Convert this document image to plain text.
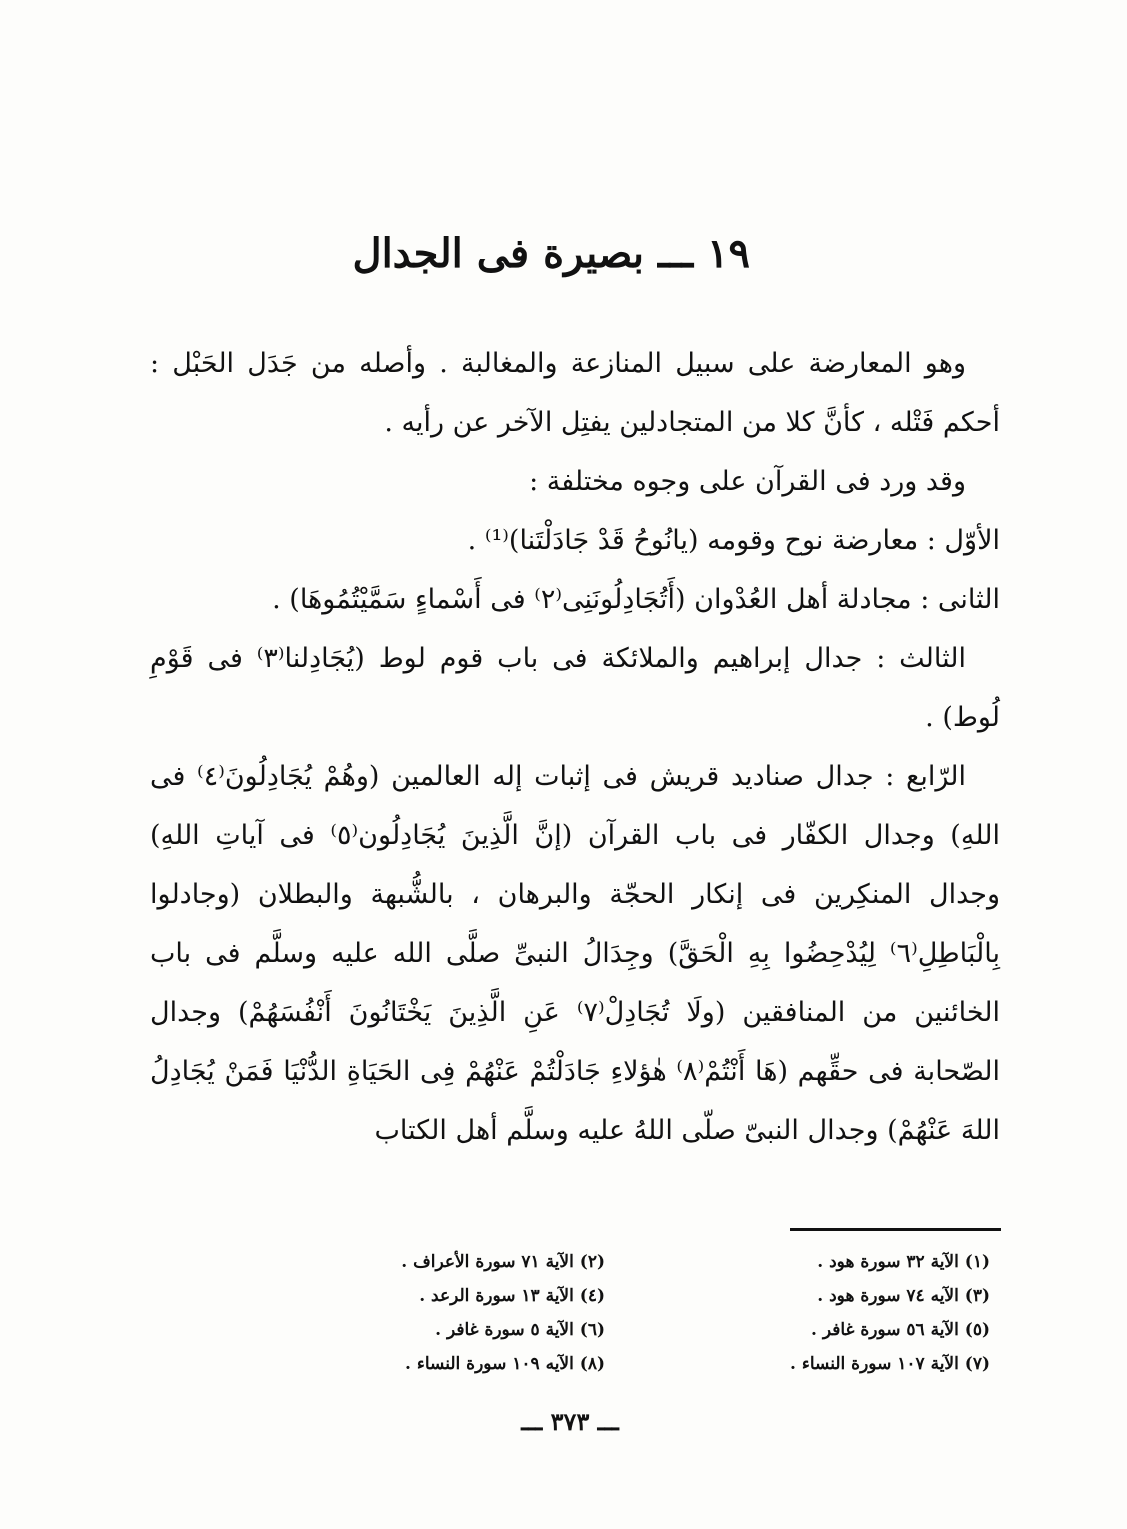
١٩ ـــ بصيرة فى الجدال

وهو المعارضة على سبيل المنازعة والمغالبة . وأصله من جَدَل الحَبْل : أحكم فَتْله ، كأنَّ كلا من المتجادلين يفتِل الآخر عن رأيه .

وقد ورد فى القرآن على وجوه مختلفة :

الأوّل : معارضة نوح وقومه (يانُوحُ قَدْ جَادَلْتَنا)⁽¹⁾ .

الثانى : مجادلة أهل العُدْوان (أَتُجَادِلُونَنِى⁽٢⁾ فى أَسْماءٍ سَمَّيْتُمُوهَا) .

الثالث : جدال إبراهيم والملائكة فى باب قوم لوط (يُجَادِلنا⁽٣⁾ فى قَوْمِ لُوط) .

الرّابع : جدال صناديد قريش فى إثبات إله العالمين (وهُمْ يُجَادِلُونَ⁽٤⁾ فى اللهِ) وجدال الكفّار فى باب القرآن (إنَّ الَّذِينَ يُجَادِلُون⁽٥⁾ فى آياتِ اللهِ) وجدال المنكِرين فى إنكار الحجّة والبرهان ، بالشُّبهة والبطلان (وجادلوا بِالْبَاطِلِ⁽٦⁾ لِيُدْحِضُوا بِهِ الْحَقَّ) وجِدَالُ النبىِّ صلَّى الله عليه وسلَّم فى باب الخائنين من المنافقين (ولَا تُجَادِلْ⁽٧⁾ عَنِ الَّذِينَ يَخْتَانُونَ أَنْفُسَهُمْ) وجدال الصّحابة فى حقِّهم (هَا أَنْتُمْ⁽٨⁾ هٰؤلاءِ جَادَلْتُمْ عَنْهُمْ فِى الحَيَاةِ الدُّنْيَا فَمَنْ يُجَادِلُ اللهَ عَنْهُمْ) وجدال النبىّ صلّى اللهُ عليه وسلَّم أهل الكتاب

(١) الآية ٣٢ سورة هود .
(٢) الآية ٧١ سورة الأعراف .
(٣) الآيه ٧٤ سورة هود .
(٤) الآية ١٣ سورة الرعد .
(٥) الآية ٥٦ سورة غافر .
(٦) الآية ٥ سورة غافر .
(٧) الآية ١٠٧ سورة النساء .
(٨) الآيه ١٠٩ سورة النساء .
ـــ ٣٧٣ ـــ
